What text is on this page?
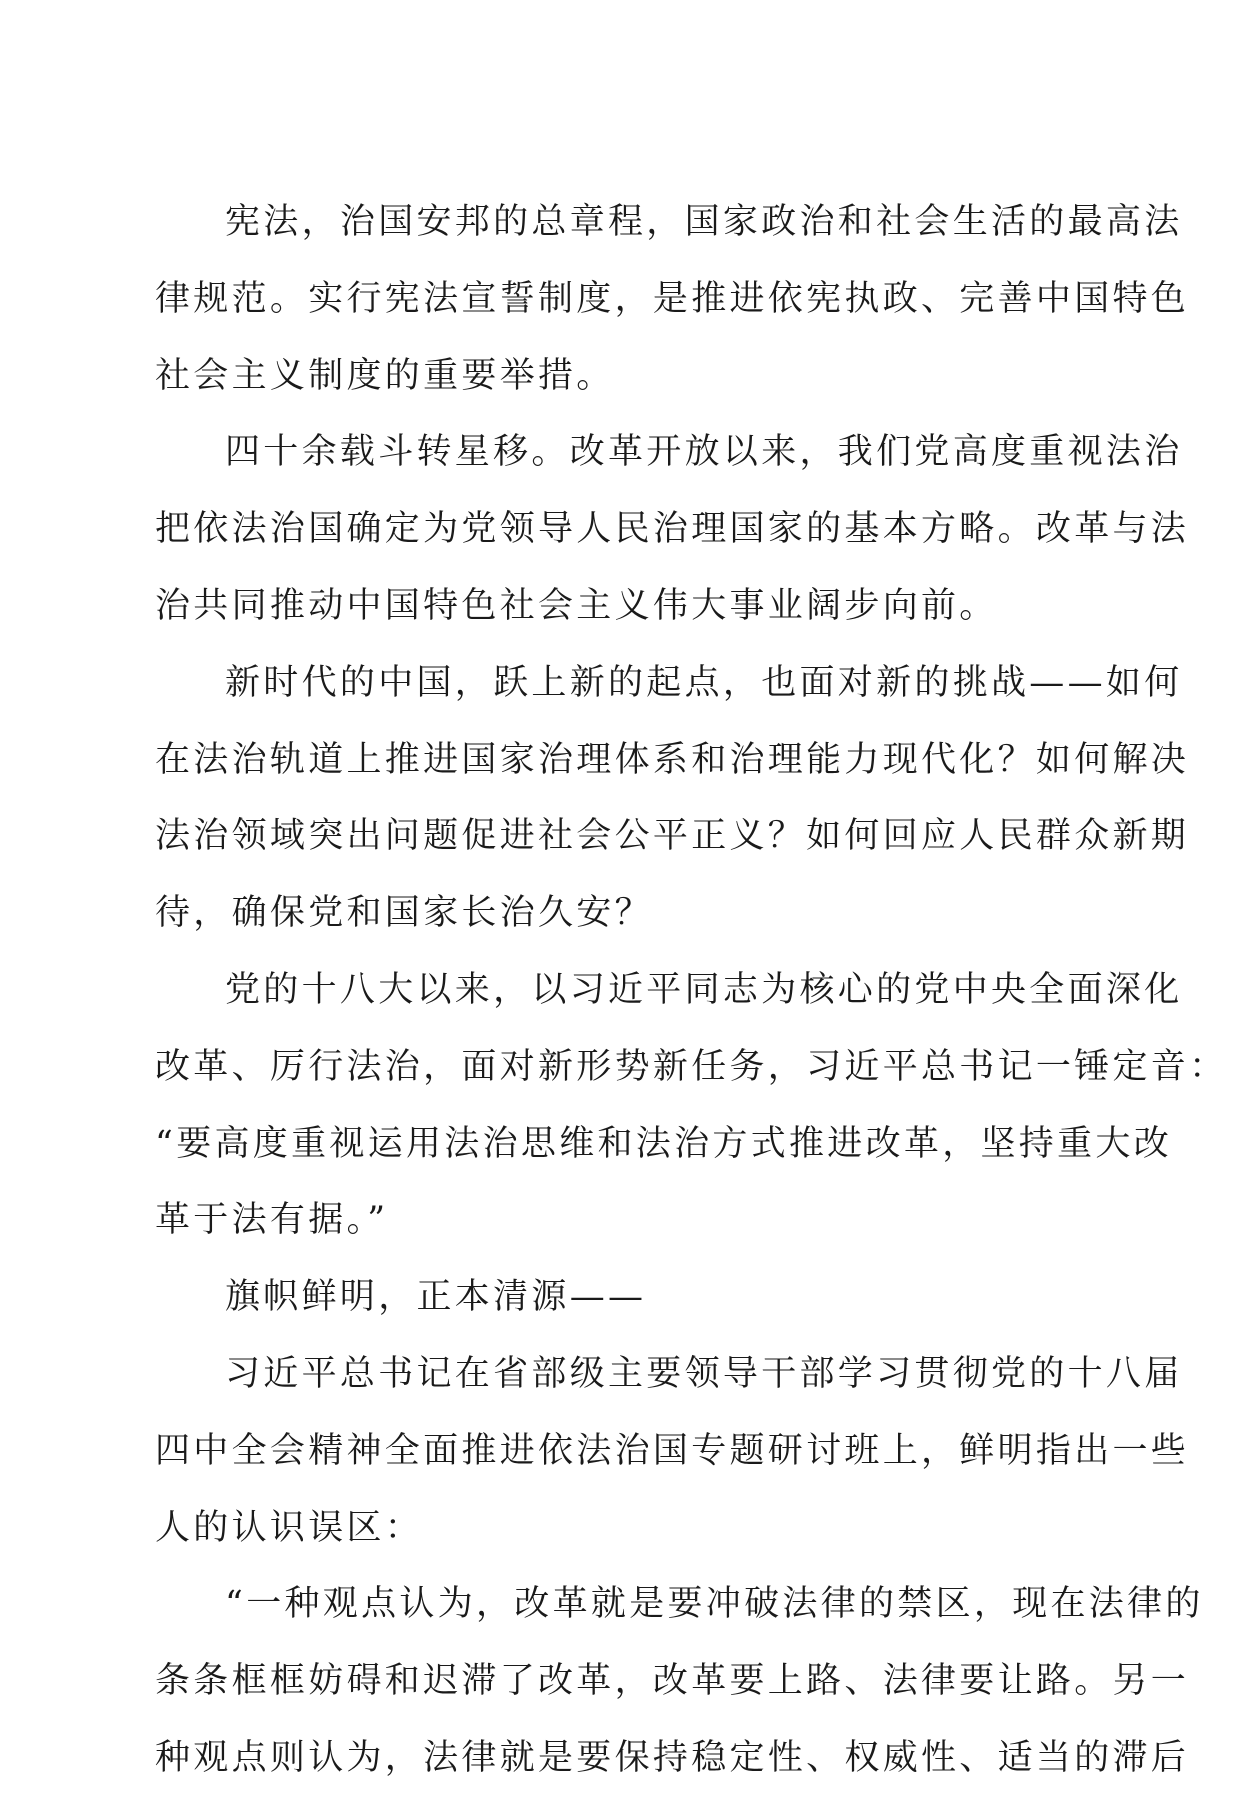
宪法，治国安邦的总章程，国家政治和社会生活的最高法
律规范。实行宪法宣誓制度，是推进依宪执政、完善中国特色
社会主义制度的重要举措。
四十余载斗转星移。改革开放以来，我们党高度重视法治
把依法治国确定为党领导人民治理国家的基本方略。改革与法
治共同推动中国特色社会主义伟大事业阔步向前。
新时代的中国，跃上新的起点，也面对新的挑战——如何
在法治轨道上推进国家治理体系和治理能力现代化？如何解决
法治领域突出问题促进社会公平正义？如何回应人民群众新期
待，确保党和国家长治久安？
党的十八大以来，以习近平同志为核心的党中央全面深化
改革、厉行法治，面对新形势新任务，习近平总书记一锤定音：
“要高度重视运用法治思维和法治方式推进改革，坚持重大改
革于法有据。”
旗帜鲜明，正本清源——
习近平总书记在省部级主要领导干部学习贯彻党的十八届
四中全会精神全面推进依法治国专题研讨班上，鲜明指出一些
人的认识误区：
“一种观点认为，改革就是要冲破法律的禁区，现在法律的
条条框框妨碍和迟滞了改革，改革要上路、法律要让路。另一
种观点则认为，法律就是要保持稳定性、权威性、适当的滞后
